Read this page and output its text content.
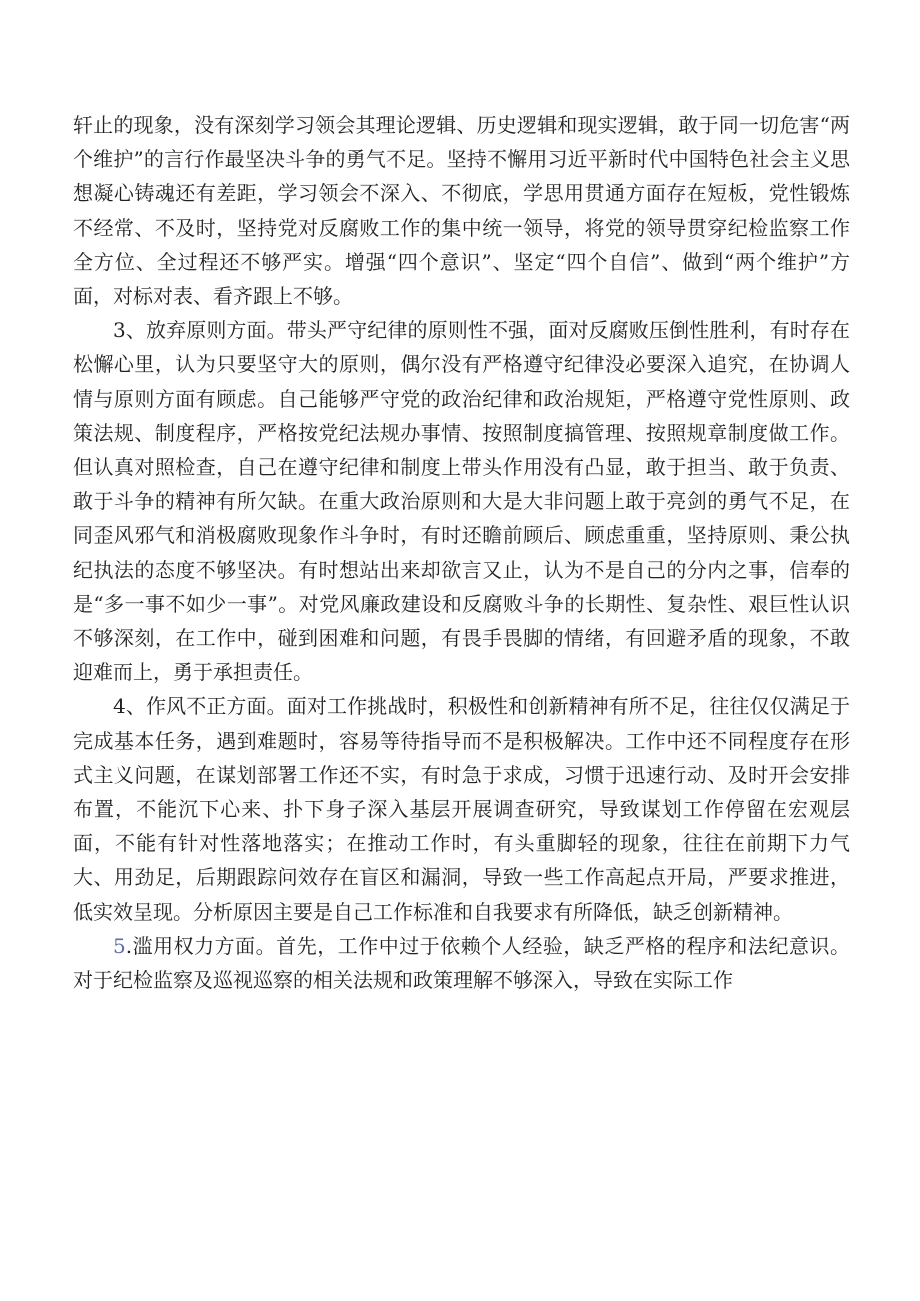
轩止的现象，没有深刻学习领会其理论逻辑、历史逻辑和现实逻辑，敢于同一切危害“两个维护”的言行作最坚决斗争的勇气不足。坚持不懈用习近平新时代中国特色社会主义思想凝心铸魂还有差距，学习领会不深入、不彻底，学思用贯通方面存在短板，党性锻炼不经常、不及时，坚持党对反腐败工作的集中统一领导，将党的领导贯穿纪检监察工作全方位、全过程还不够严实。增强“四个意识”、坚定“四个自信”、做到“两个维护”方面，对标对表、看齐跟上不够。

3、放弃原则方面。带头严守纪律的原则性不强，面对反腐败压倒性胜利，有时存在松懈心里，认为只要坚守大的原则，偶尔没有严格遵守纪律没必要深入追究，在协调人情与原则方面有顾虑。自己能够严守党的政治纪律和政治规矩，严格遵守党性原则、政策法规、制度程序，严格按党纪法规办事情、按照制度搞管理、按照规章制度做工作。但认真对照检查，自己在遵守纪律和制度上带头作用没有凸显，敢于担当、敢于负责、敢于斗争的精神有所欠缺。在重大政治原则和大是大非问题上敢于亮剑的勇气不足，在同歪风邪气和消极腐败现象作斗争时，有时还瞻前顾后、顾虑重重，坚持原则、秉公执纪执法的态度不够坚决。有时想站出来却欲言又止，认为不是自己的分内之事，信奉的是“多一事不如少一事”。对党风廉政建设和反腐败斗争的长期性、复杂性、艰巨性认识不够深刻，在工作中，碰到困难和问题，有畏手畏脚的情绪，有回避矛盾的现象，不敢迎难而上，勇于承担责任。

4、作风不正方面。面对工作挑战时，积极性和创新精神有所不足，往往仅仅满足于完成基本任务，遇到难题时，容易等待指导而不是积极解决。工作中还不同程度存在形式主义问题，在谋划部署工作还不实，有时急于求成，习惯于迅速行动、及时开会安排布置，不能沉下心来、扑下身子深入基层开展调查研究，导致谋划工作停留在宏观层面，不能有针对性落地落实；在推动工作时，有头重脚轻的现象，往往在前期下力气大、用劲足，后期跟踪问效存在盲区和漏洞，导致一些工作高起点开局，严要求推进，低实效呈现。分析原因主要是自己工作标准和自我要求有所降低，缺乏创新精神。

5.滥用权力方面。首先，工作中过于依赖个人经验，缺乏严格的程序和法纪意识。对于纪检监察及巡视巡察的相关法规和政策理解不够深入，导致在实际工作
